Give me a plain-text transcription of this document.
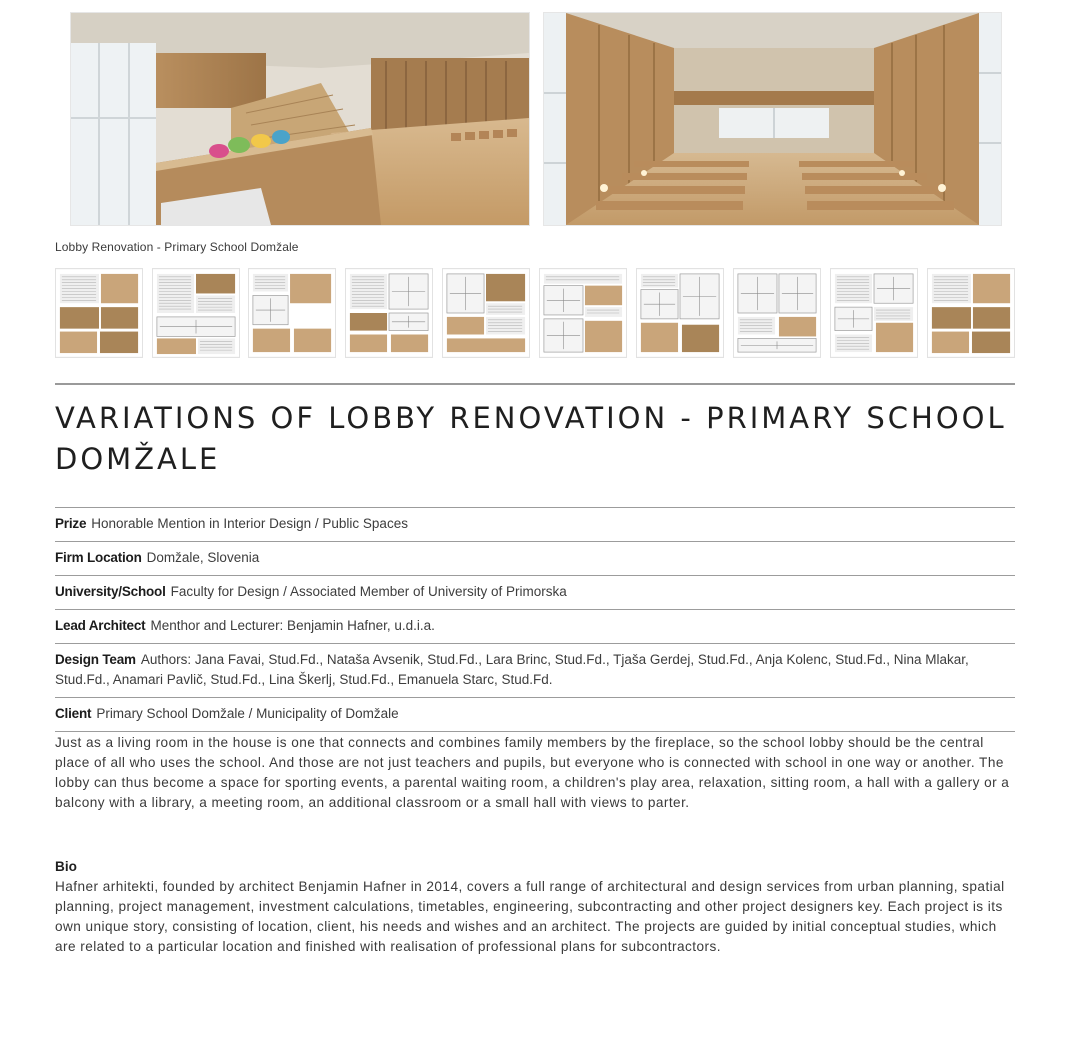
Lobby Renovation - Primary School Domžale
VARIATIONS OF LOBBY RENOVATION - PRIMARY SCHOOL DOMŽALE
Prize Honorable Mention in Interior Design / Public Spaces
Firm Location Domžale, Slovenia
University/School Faculty for Design / Associated Member of University of Primorska
Lead Architect Menthor and Lecturer: Benjamin Hafner, u.d.i.a.
Design Team Authors: Jana Favai, Stud.Fd., Nataša Avsenik, Stud.Fd., Lara Brinc, Stud.Fd., Tjaša Gerdej, Stud.Fd., Anja Kolenc, Stud.Fd., Nina Mlakar, Stud.Fd., Anamari Pavlič, Stud.Fd., Lina Škerlj, Stud.Fd., Emanuela Starc, Stud.Fd.
Client Primary School Domžale / Municipality of Domžale

Just as a living room in the house is one that connects and combines family members by the fireplace, so the school lobby should be the central place of all who uses the school. And those are not just teachers and pupils, but everyone who is connected with school in one way or another. The lobby can thus become a space for sporting events, a parental waiting room, a children's play area, relaxation, sitting room, a hall with a gallery or a balcony with a library, a meeting room, an additional classroom or a small hall with views to parter.

Bio

Hafner arhitekti, founded by architect Benjamin Hafner in 2014, covers a full range of architectural and design services from urban planning, spatial planning, project management, investment calculations, timetables, engineering, subcontracting and other project designers key. Each project is its own unique story, consisting of location, client, his needs and wishes and an architect. The projects are guided by initial conceptual studies, which are related to a particular location and finished with realisation of professional plans for subcontractors.
